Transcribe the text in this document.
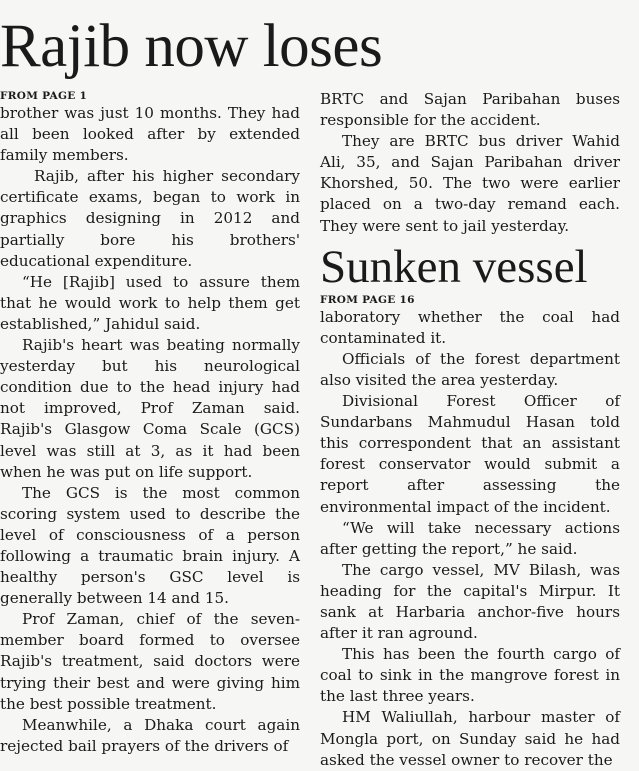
Rajib now loses
FROM PAGE 1

brother was just 10 months. They had all been looked after by extended family members.

Rajib, after his higher secondary certificate exams, began to work in graphics designing in 2012 and partially bore his brothers' educational expenditure.

“He [Rajib] used to assure them that he would work to help them get established,” Jahidul said.

Rajib's heart was beating normally yesterday but his neurological condition due to the head injury had not improved, Prof Zaman said. Rajib's Glasgow Coma Scale (GCS) level was still at 3, as it had been when he was put on life support.

The GCS is the most common scoring system used to describe the level of consciousness of a person following a traumatic brain injury. A healthy person's GSC level is generally between 14 and 15.

Prof Zaman, chief of the seven-member board formed to oversee Rajib's treatment, said doctors were trying their best and were giving him the best possible treatment.

Meanwhile, a Dhaka court again rejected bail prayers of the drivers of

BRTC and Sajan Paribahan buses responsible for the accident.

They are BRTC bus driver Wahid Ali, 35, and Sajan Paribahan driver Khorshed, 50. The two were earlier placed on a two-day remand each. They were sent to jail yesterday.

Sunken vessel
FROM PAGE 16

laboratory whether the coal had contaminated it.

Officials of the forest department also visited the area yesterday.

Divisional Forest Officer of Sundarbans Mahmudul Hasan told this correspondent that an assistant forest conservator would submit a report after assessing the environmental impact of the incident.

“We will take necessary actions after getting the report,” he said.

The cargo vessel, MV Bilash, was heading for the capital's Mirpur. It sank at Harbaria anchor-five hours after it ran aground.

This has been the fourth cargo of coal to sink in the mangrove forest in the last three years.

HM Waliullah, harbour master of Mongla port, on Sunday said he had asked the vessel owner to recover the
